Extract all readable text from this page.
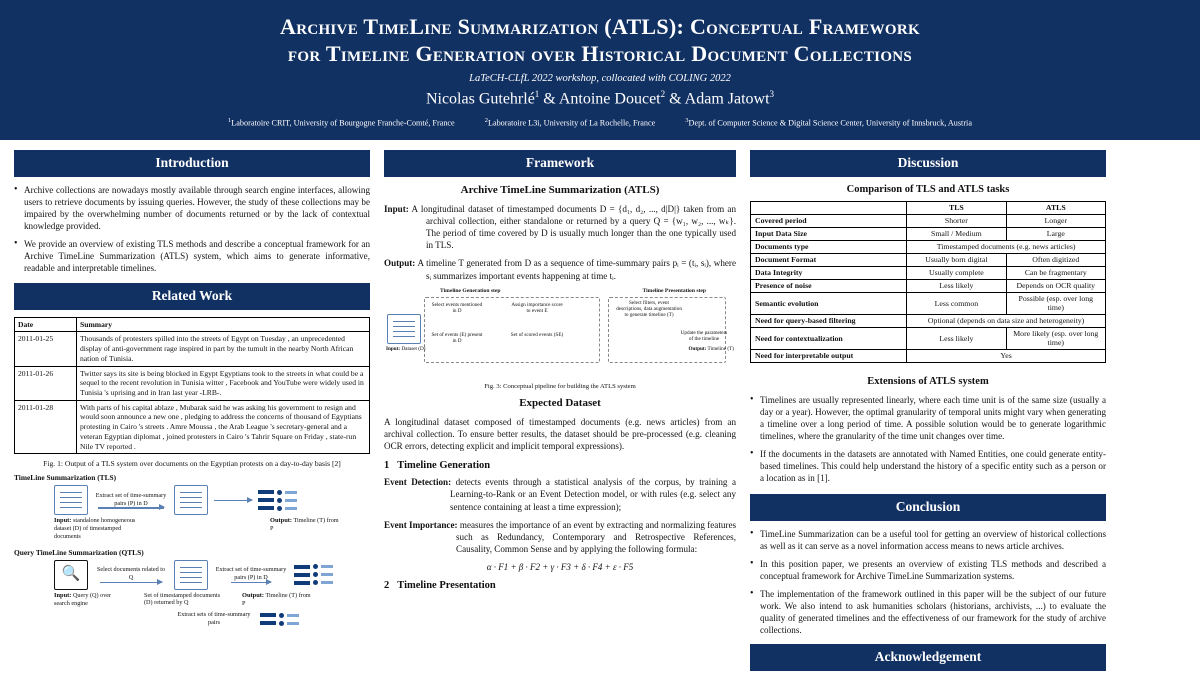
Archive TimeLine Summarization (ATLS): Conceptual Framework
for Timeline Generation over Historical Document Collections
LaTeCH-CLfL 2022 workshop, collocated with COLING 2022
Nicolas Gutehrlé$^1$ & Antoine Doucet$^2$ & Adam Jatowt$^3$
$^1$Laboratoire CRIT, University of Bourgogne Franche-Comté, France	$^2$Laboratoire L3i, University of La Rochelle, France	$^3$Dept. of Computer Science & Digital Science Center, University of Innsbruck, Austria
Introduction
• Archive collections are nowadays mostly available through search engine interfaces, allowing users to retrieve documents by issuing queries. However, the study of these collections may be impaired by the overwhelming number of documents returned or by the lack of contextual knowledge provided.
• We provide an overview of existing TLS methods and describe a conceptual framework for an Archive TimeLine Summarization (ATLS) system, which aims to generate informative, readable and interpretable timelines.
Related Work
Date	Summary
2011-01-25	Thousands of protesters spilled into the streets of Egypt on Tuesday , an unprecedented display of anti-government rage inspired in part by the tumult in the nearby North African nation of Tunisia.
2011-01-26	Twitter says its site is being blocked in Egypt Egyptians took to the streets in what could be a sequel to the recent revolution in Tunisia witter , Facebook and YouTube were widely used in Tunisia 's uprising and in Iran last year -LRB-.
2011-01-28	With parts of his capital ablaze , Mubarak said he was asking his government to resign and would soon announce a new one , pledging to address the concerns of thousand of Egyptians protesting in Cairo 's streets . Amre Moussa , the Arab League 's secretary-general and a veteran Egyptian diplomat , joined protesters in Cairo 's Tahrir Square on Friday , state-run Nile TV reported .
Fig. 1: Output of a TLS system over documents on the Egyptian protests on a day-to-day basis [2]
TimeLine Summarization (TLS)
Extract set of time-summary pairs (P) in D
Input: standalone homogeneous dataset (D) of timestamped documents
Output: Timeline (T) from P
Query TimeLine Summarization (QTLS)
🔍	Select documents related to Q
Extract set of time-summary pairs (P) in D
Input: Query (Q) over search engine
Set of timestamped documents (D) returned by Q
Output: Timeline (T) from P
Extract sets of time-summary pairs
Framework
Archive TimeLine Summarization (ATLS)
Input: A longitudinal dataset of timestamped documents D = {d₁, d₂, ..., d|D|} taken from an archival collection, either standalone or returned by a query Q = {w₁, w₂, ..., wₖ}. The period of time covered by D is usually much longer than the one typically used in TLS.
Output: A timeline T generated from D as a sequence of time-summary pairs pᵢ = (tᵢ, sᵢ), where sᵢ summarizes important events happening at time tᵢ.
Timeline Generation step	Timeline Presentation step
Select events mentioned in D
Set of events (E) present in D
Assign importance score to event E
Set of scored events (SE)
Select filters, event descriptions, data augmentation to generate timeline (T)
Update the parameters of the timeline
Input: Dataset (D)	Output: Timeline (T)
Fig. 3: Conceptual pipeline for building the ATLS system
Expected Dataset
A longitudinal dataset composed of timestamped documents (e.g. news articles) from an archival collection. To ensure better results, the dataset should be pre-processed (e.g. cleaning OCR errors, detecting explicit and implicit temporal expressions).
1 Timeline Generation
Event Detection: detects events through a statistical analysis of the corpus, by training a Learning-to-Rank or an Event Detection model, or with rules (e.g. select any sentence containing at least a time expression);
Event Importance: measures the importance of an event by extracting and normalizing features such as Redundancy, Contemporary and Retrospective References, Causality, Common Sense and by applying the following formula:
α · F1 + β · F2 + γ · F3 + δ · F4 + ε · F5
2 Timeline Presentation
Discussion
Comparison of TLS and ATLS tasks
	TLS	ATLS
Covered period	Shorter	Longer
Input Data Size	Small / Medium	Large
Documents type	Timestamped documents (e.g. news articles)	
Document Format	Usually born digital	Often digitized
Data Integrity	Usually complete	Can be fragmentary
Presence of noise	Less likely	Depends on OCR quality
Semantic evolution	Less common	Possible (esp. over long time)
Need for query-based filtering	Optional (depends on data size and heterogeneity)	
Need for contextualization	Less likely	More likely (esp. over long time)
Need for interpretable output	Yes	
Extensions of ATLS system
• Timelines are usually represented linearly, where each time unit is of the same size (usually a day or a year). However, the optimal granularity of temporal units might vary when generating a timeline over a long period of time. A possible solution would be to generate logarithmic timelines, where the granularity of the time unit changes over time.
• If the documents in the datasets are annotated with Named Entities, one could generate entity-based timelines. This could help understand the history of a specific entity such as a person or a location as in [1].
Conclusion
• TimeLine Summarization can be a useful tool for getting an overview of historical collections as well as it can serve as a novel information access means to news article archives.
• In this position paper, we presents an overview of existing TLS methods and described a conceptual framework for Archive TimeLine Summarization systems.
• The implementation of the framework outlined in this paper will be the subject of our future work. We also intend to ask humanities scholars (historians, archivists, ...) to evaluate the quality of generated timelines and the effectiveness of our framework for the study of archive collections.
Acknowledgement
